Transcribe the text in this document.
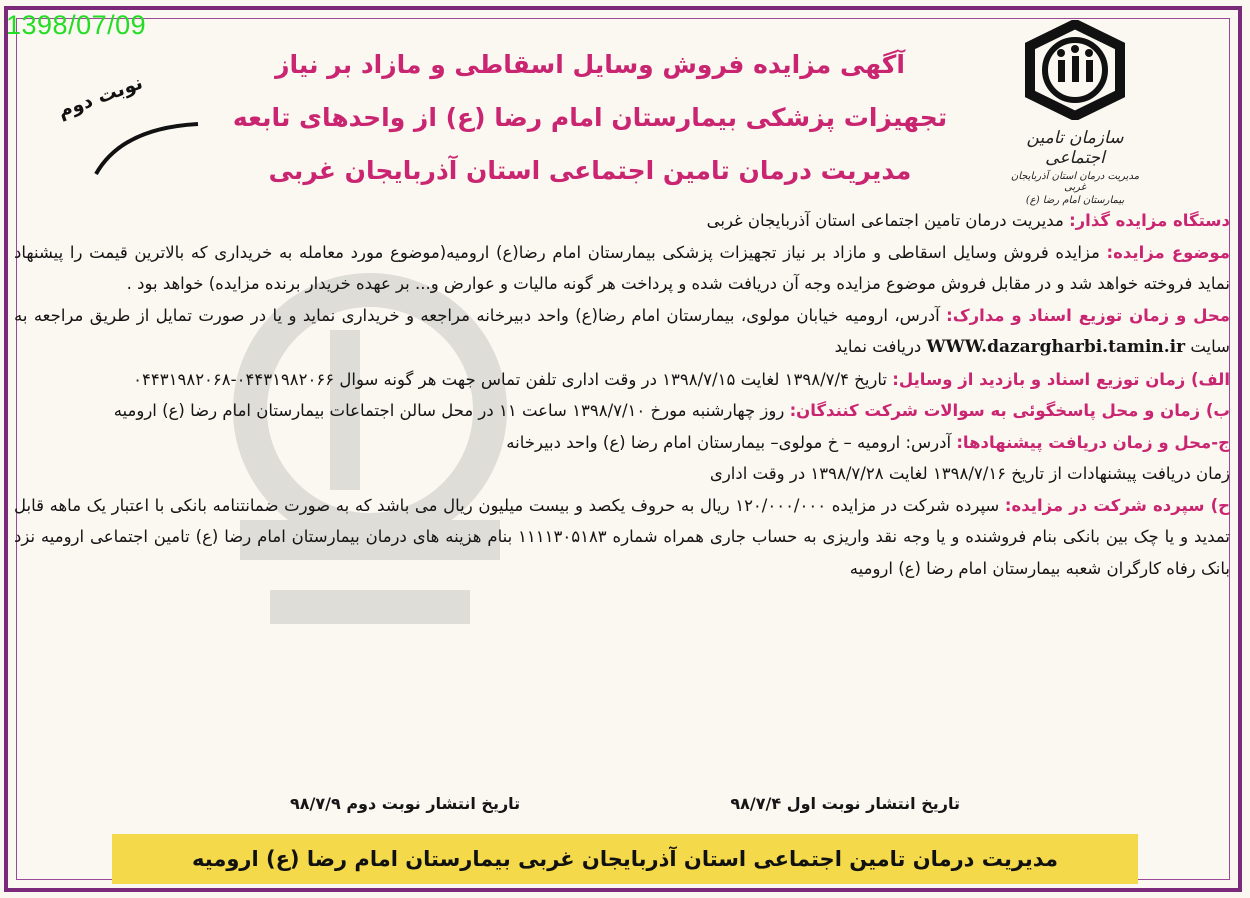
1398/07/09
سازمان تامین اجتماعی
مدیریت درمان استان آذربایجان غربی
بیمارستان امام رضا (ع)
نوبت دوم
آگهی مزایده فروش وسایل اسقاطی و مازاد بر نیاز
تجهیزات پزشکی بیمارستان امام رضا (ع) از واحدهای تابعه
مدیریت درمان تامین اجتماعی استان آذربایجان غربی

دستگاه مزایده گذار: مدیریت درمان تامین اجتماعی استان آذربایجان غربی

موضوع مزایده: مزایده فروش وسایل اسقاطی و مازاد بر نیاز تجهیزات پزشکی بیمارستان امام رضا(ع) ارومیه(موضوع مورد معامله به خریداری که بالاترین قیمت را پیشنهاد نماید فروخته خواهد شد و در مقابل فروش موضوع مزایده وجه آن دریافت شده و پرداخت هر گونه مالیات و عوارض و... بر عهده خریدار برنده مزایده) خواهد بود .

محل و زمان توزیع اسناد و مدارک: آدرس، ارومیه خیابان مولوی، بیمارستان امام رضا(ع) واحد دبیرخانه مراجعه و خریداری نماید و یا در صورت تمایل از طریق مراجعه به سایت WWW.dazargharbi.tamin.ir دریافت نماید

الف) زمان توزیع اسناد و بازدید از وسایل: تاریخ ۱۳۹۸/۷/۴ لغایت ۱۳۹۸/۷/۱۵ در وقت اداری تلفن تماس جهت هر گونه سوال ۰۴۴۳۱۹۸۲۰۶۶-۰۴۴۳۱۹۸۲۰۶۸

ب) زمان و محل پاسخگوئی به سوالات شرکت کنندگان: روز چهارشنبه مورخ ۱۳۹۸/۷/۱۰ ساعت ۱۱ در محل سالن اجتماعات بیمارستان امام رضا (ع) ارومیه

ج-محل و زمان دریافت پیشنهادها: آدرس: ارومیه – خ مولوی– بیمارستان امام رضا (ع) واحد دبیرخانه

زمان دریافت پیشنهادات از تاریخ ۱۳۹۸/۷/۱۶ لغایت ۱۳۹۸/۷/۲۸ در وقت اداری

ح) سپرده شرکت در مزایده: سپرده شرکت در مزایده ۱۲۰/۰۰۰/۰۰۰ ریال به حروف یکصد و بیست میلیون ریال می باشد که به صورت ضمانتنامه بانکی با اعتبار یک ماهه قابل تمدید و یا چک بین بانکی بنام فروشنده و یا وجه نقد واریزی به حساب جاری همراه شماره ۱۱۱۱۳۰۵۱۸۳ بنام هزینه های درمان بیمارستان امام رضا (ع) تامین اجتماعی ارومیه نزد بانک رفاه کارگران شعبه بیمارستان امام رضا (ع) ارومیه

تاریخ انتشار نوبت اول ۹۸/۷/۴
تاریخ انتشار نوبت دوم ۹۸/۷/۹
مدیریت درمان تامین اجتماعی استان آذربایجان غربی بیمارستان امام رضا (ع) ارومیه
